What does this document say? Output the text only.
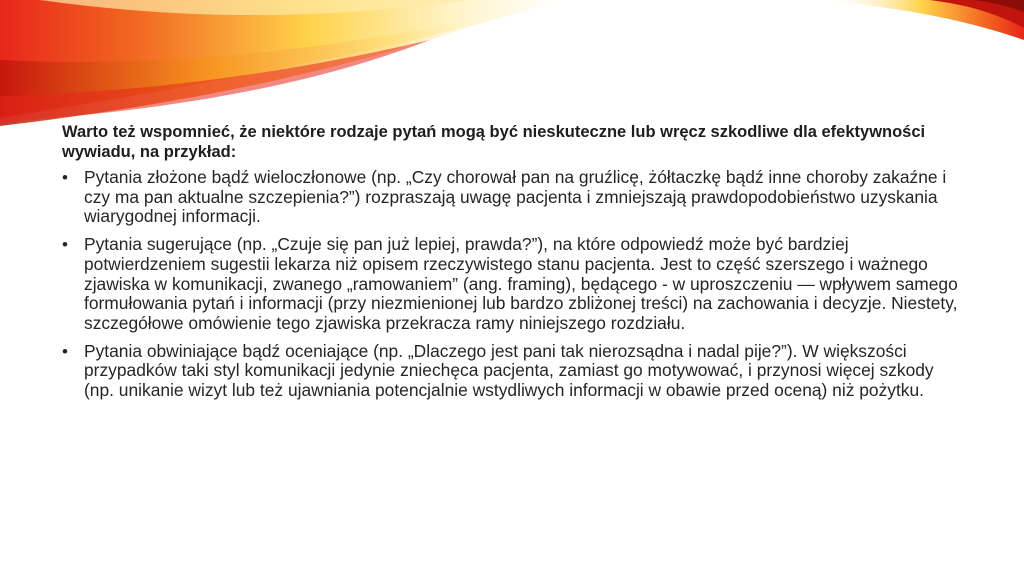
Warto też wspomnieć, że niektóre rodzaje pytań mogą być nieskuteczne lub wręcz szkodliwe dla efektywności wywiadu, na przykład:

• Pytania złożone bądź wieloczłonowe (np. „Czy chorował pan na gruźlicę, żółtaczkę bądź inne choroby zakaźne i czy ma pan aktualne szczepienia?”) rozpraszają uwagę pacjenta i zmniejszają prawdopodobieństwo uzyskania wiarygodnej informacji.
• Pytania sugerujące (np. „Czuje się pan już lepiej, prawda?”), na które odpowiedź może być bardziej potwierdzeniem sugestii lekarza niż opisem rzeczywistego stanu pacjenta. Jest to część szerszego i ważnego zjawiska w komunikacji, zwanego „ramowaniem” (ang. framing), będącego - w uproszczeniu — wpływem samego formułowania pytań i informacji (przy niezmienionej lub bardzo zbliżonej treści) na zachowania i decyzje. Niestety, szczegółowe omówienie tego zjawiska przekracza ramy niniejszego rozdziału.
• Pytania obwiniające bądź oceniające (np. „Dlaczego jest pani tak nierozsądna i nadal pije?”). W większości przypadków taki styl komunikacji jedynie zniechęca pacjenta, zamiast go motywować, i przynosi więcej szkody (np. unikanie wizyt lub też ujawniania potencjalnie wstydliwych informacji w obawie przed oceną) niż pożytku.
